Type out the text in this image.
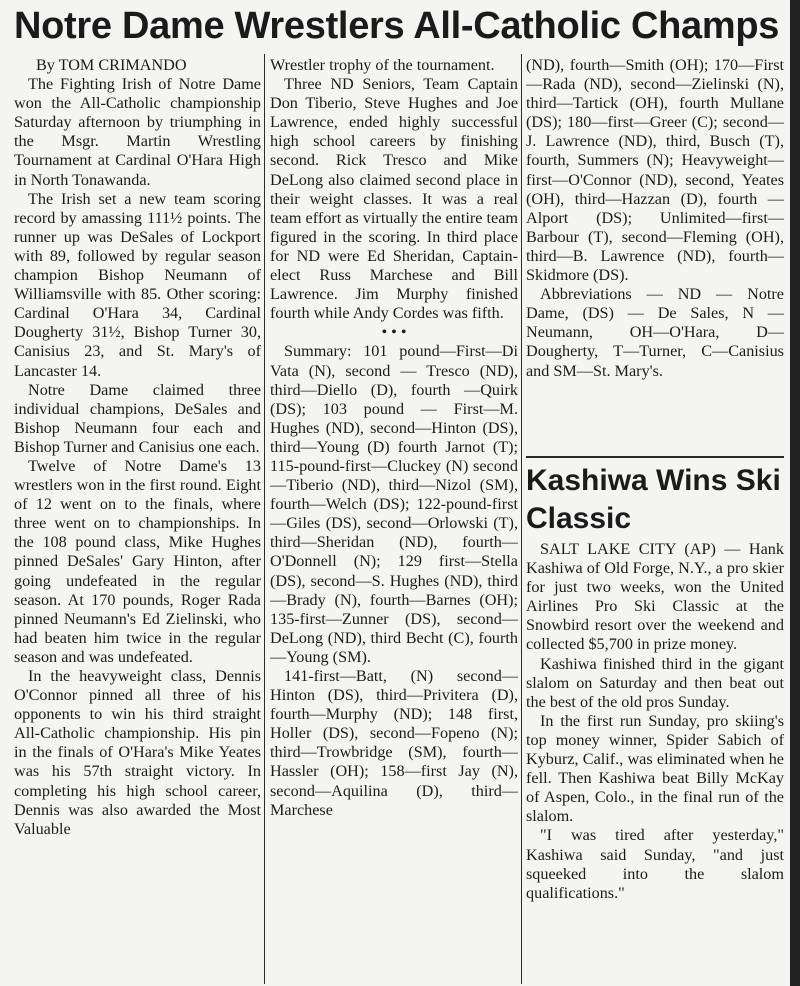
Notre Dame Wrestlers All-Catholic Champs

By TOM CRIMANDO

The Fighting Irish of Notre Dame won the All-Catholic championship Saturday afternoon by triumphing in the Msgr. Martin Wrestling Tournament at Cardinal O'Hara High in North Tonawanda.

The Irish set a new team scoring record by amassing 111½ points. The runner up was DeSales of Lockport with 89, followed by regular season champion Bishop Neumann of Williamsville with 85. Other scoring: Cardinal O'Hara 34, Cardinal Dougherty 31½, Bishop Turner 30, Canisius 23, and St. Mary's of Lancaster 14.

Notre Dame claimed three individual champions, DeSales and Bishop Neumann four each and Bishop Turner and Canisius one each.

Twelve of Notre Dame's 13 wrestlers won in the first round. Eight of 12 went on to the finals, where three went on to championships. In the 108 pound class, Mike Hughes pinned DeSales' Gary Hinton, after going undefeated in the regular season. At 170 pounds, Roger Rada pinned Neumann's Ed Zielinski, who had beaten him twice in the regular season and was undefeated.

In the heavyweight class, Dennis O'Connor pinned all three of his opponents to win his third straight All-Catholic championship. His pin in the finals of O'Hara's Mike Yeates was his 57th straight victory. In completing his high school career, Dennis was also awarded the Most Valuable

Wrestler trophy of the tournament.

Three ND Seniors, Team Captain Don Tiberio, Steve Hughes and Joe Lawrence, ended highly successful high school careers by finishing second. Rick Tresco and Mike DeLong also claimed second place in their weight classes. It was a real team effort as virtually the entire team figured in the scoring. In third place for ND were Ed Sheridan, Captain-elect Russ Marchese and Bill Lawrence. Jim Murphy finished fourth while Andy Cordes was fifth.

• • •

Summary: 101 pound—First—Di Vata (N), second — Tresco (ND), third—Diello (D), fourth —Quirk (DS); 103 pound — First—M. Hughes (ND), second—Hinton (DS), third—Young (D) fourth Jarnot (T); 115-pound-first—Cluckey (N) second—Tiberio (ND), third—Nizol (SM), fourth—Welch (DS); 122-pound-first—Giles (DS), second—Orlowski (T), third—Sheridan (ND), fourth—O'Donnell (N); 129 first—Stella (DS), second—S. Hughes (ND), third—Brady (N), fourth—Barnes (OH); 135-first—Zunner (DS), second—DeLong (ND), third Becht (C), fourth—Young (SM).

141-first—Batt, (N) second—Hinton (DS), third—Privitera (D), fourth—Murphy (ND); 148 first, Holler (DS), second—Fopeno (N); third—Trowbridge (SM), fourth—Hassler (OH); 158—first Jay (N), second—Aquilina (D), third—Marchese

(ND), fourth—Smith (OH); 170—First—Rada (ND), second—Zielinski (N), third—Tartick (OH), fourth Mullane (DS); 180—first—Greer (C); second—J. Lawrence (ND), third, Busch (T), fourth, Summers (N); Heavyweight—first—O'Connor (ND), second, Yeates (OH), third—Hazzan (D), fourth — Alport (DS); Unlimited—first—Barbour (T), second—Fleming (OH), third—B. Lawrence (ND), fourth—Skidmore (DS).

Abbreviations — ND — Notre Dame, (DS) — De Sales, N — Neumann, OH—O'Hara, D—Dougherty, T—Turner, C—Canisius and SM—St. Mary's.

Kashiwa Wins Ski Classic

SALT LAKE CITY (AP) — Hank Kashiwa of Old Forge, N.Y., a pro skier for just two weeks, won the United Airlines Pro Ski Classic at the Snowbird resort over the weekend and collected $5,700 in prize money.

Kashiwa finished third in the gigant slalom on Saturday and then beat out the best of the old pros Sunday.

In the first run Sunday, pro skiing's top money winner, Spider Sabich of Kyburz, Calif., was eliminated when he fell. Then Kashiwa beat Billy McKay of Aspen, Colo., in the final run of the slalom.

"I was tired after yesterday," Kashiwa said Sunday, "and just squeeked into the slalom qualifications."
